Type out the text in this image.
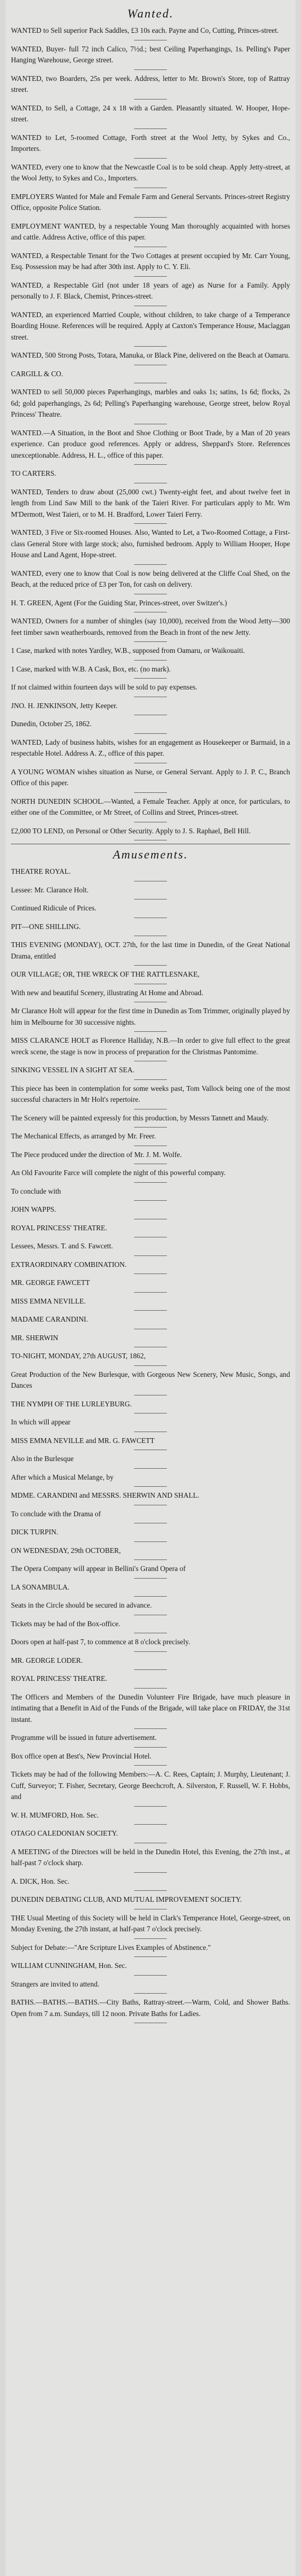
Wanted.

WANTED to Sell superior Pack Saddles, £3 10s each. Payne and Co, Cutting, Princes-street.

WANTED, Buyer- full 72 inch Calico, 7½d.; best Ceiling Paperhangings, 1s. Pelling's Paper Hanging Warehouse, George street.

WANTED, two Boarders, 25s per week. Address, letter to Mr. Brown's Store, top of Rattray street.

WANTED, to Sell, a Cottage, 24 x 18 with a Garden. Pleasantly situated. W. Hooper, Hope-street.

WANTED to Let, 5-roomed Cottage, Forth street at the Wool Jetty, by Sykes and Co., Importers.

WANTED, every one to know that the Newcastle Coal is to be sold cheap. Apply Jetty-street, at the Wool Jetty, to Sykes and Co., Importers.

EMPLOYERS Wanted for Male and Female Farm and General Servants. Princes-street Registry Office, opposite Police Station.

EMPLOYMENT WANTED, by a respectable Young Man thoroughly acquainted with horses and cattle. Address Active, office of this paper.

WANTED, a Respectable Tenant for the Two Cottages at present occupied by Mr. Carr Young, Esq. Possession may be had after 30th inst. Apply to C. Y. Eli.

WANTED, a Respectable Girl (not under 18 years of age) as Nurse for a Family. Apply personally to J. F. Black, Chemist, Princes-street.

WANTED, an experienced Married Couple, without children, to take charge of a Temperance Boarding House. References will be required. Apply at Caxton's Temperance House, Maclaggan street.

WANTED, 500 Strong Posts, Totara, Manuka, or Black Pine, delivered on the Beach at Oamaru.

CARGILL & CO.

WANTED to sell 50,000 pieces Paperhangings, marbles and oaks 1s; satins, 1s 6d; flocks, 2s 6d; gold paperhangings, 2s 6d; Pelling's Paperhanging warehouse, George street, below Royal Princess' Theatre.

WANTED.—A Situation, in the Boot and Shoe Clothing or Boot Trade, by a Man of 20 years experience. Can produce good references. Apply or address, Sheppard's Store. References unexceptionable. Address, H. L., office of this paper.

TO CARTERS.

WANTED, Tenders to draw about (25,000 cwt.) Twenty-eight feet, and about twelve feet in length from Lind Saw Mill to the bank of the Taieri River. For particulars apply to Mr. Wm M'Dermott, West Taieri, or to M. H. Bradford, Lower Taieri Ferry.

WANTED, 3 Five or Six-roomed Houses. Also, Wanted to Let, a Two-Roomed Cottage, a First-class General Store with large stock; also, furnished bedroom. Apply to William Hooper, Hope House and Land Agent, Hope-street.

WANTED, every one to know that Coal is now being delivered at the Cliffe Coal Shed, on the Beach, at the reduced price of £3 per Ton, for cash on delivery.

H. T. GREEN, Agent (For the Guiding Star, Princes-street, over Switzer's.)

WANTED, Owners for a number of shingles (say 10,000), received from the Wood Jetty—300 feet timber sawn weatherboards, removed from the Beach in front of the new Jetty.

1 Case, marked with notes Yardley, W.B., supposed from Oamaru, or Waikouaiti.

1 Case, marked with W.B. A Cask, Box, etc. (no mark).

If not claimed within fourteen days will be sold to pay expenses.

JNO. H. JENKINSON, Jetty Keeper.

Dunedin, October 25, 1862.

WANTED, Lady of business habits, wishes for an engagement as Housekeeper or Barmaid, in a respectable Hotel. Address A. Z., office of this paper.

A YOUNG WOMAN wishes situation as Nurse, or General Servant. Apply to J. P. C., Branch Office of this paper.

NORTH DUNEDIN SCHOOL.—Wanted, a Female Teacher. Apply at once, for particulars, to either one of the Committee, or Mr Street, of Collins and Street, Princes-street.

£2,000 TO LEND, on Personal or Other Security. Apply to J. S. Raphael, Bell Hill.

Amusements.

THEATRE ROYAL.

Lessee: Mr. Clarance Holt.

Continued Ridicule of Prices.

PIT—ONE SHILLING.

THIS EVENING (MONDAY), OCT. 27th, for the last time in Dunedin, of the Great National Drama, entitled

OUR VILLAGE; OR, THE WRECK OF THE RATTLESNAKE,

With new and beautiful Scenery, illustrating At Home and Abroad.

Mr Clarance Holt will appear for the first time in Dunedin as Tom Trimmer, originally played by him in Melbourne for 30 successive nights.

MISS CLARANCE HOLT as Florence Halliday, N.B.—In order to give full effect to the great wreck scene, the stage is now in process of preparation for the Christmas Pantomime.

SINKING VESSEL IN A SIGHT AT SEA.

This piece has been in contemplation for some weeks past, Tom Vallock being one of the most successful characters in Mr Holt's repertoire.

The Scenery will be painted expressly for this production, by Messrs Tannett and Maudy.

The Mechanical Effects, as arranged by Mr. Freer.

The Piece produced under the direction of Mr. J. M. Wolfe.

An Old Favourite Farce will complete the night of this powerful company.

To conclude with

JOHN WAPPS.

ROYAL PRINCESS' THEATRE.

Lessees, Messrs. T. and S. Fawcett.

EXTRAORDINARY COMBINATION.

MR. GEORGE FAWCETT

MISS EMMA NEVILLE.

MADAME CARANDINI.

MR. SHERWIN

TO-NIGHT, MONDAY, 27th AUGUST, 1862,

Great Production of the New Burlesque, with Gorgeous New Scenery, New Music, Songs, and Dances

THE NYMPH OF THE LURLEYBURG.

In which will appear

MISS EMMA NEVILLE and MR. G. FAWCETT

Also in the Burlesque

After which a Musical Melange, by

MDME. CARANDINI and MESSRS. SHERWIN AND SHALL.

To conclude with the Drama of

DICK TURPIN.

ON WEDNESDAY, 29th OCTOBER,

The Opera Company will appear in Bellini's Grand Opera of

LA SONAMBULA.

Seats in the Circle should be secured in advance.

Tickets may be had of the Box-office.

Doors open at half-past 7, to commence at 8 o'clock precisely.

MR. GEORGE LODER.

ROYAL PRINCESS' THEATRE.

The Officers and Members of the Dunedin Volunteer Fire Brigade, have much pleasure in intimating that a Benefit in Aid of the Funds of the Brigade, will take place on FRIDAY, the 31st instant.

Programme will be issued in future advertisement.

Box office open at Best's, New Provincial Hotel.

Tickets may be had of the following Members:—A. C. Rees, Captain; J. Murphy, Lieutenant; J. Cuff, Surveyor; T. Fisher, Secretary, George Beechcroft, A. Silverston, F. Russell, W. F. Hobbs, and

W. H. MUMFORD, Hon. Sec.

OTAGO CALEDONIAN SOCIETY.

A MEETING of the Directors will be held in the Dunedin Hotel, this Evening, the 27th inst., at half-past 7 o'clock sharp.

A. DICK, Hon. Sec.

DUNEDIN DEBATING CLUB, AND MUTUAL IMPROVEMENT SOCIETY.

THE Usual Meeting of this Society will be held in Clark's Temperance Hotel, George-street, on Monday Evening, the 27th instant, at half-past 7 o'clock precisely.

Subject for Debate:—"Are Scripture Lives Examples of Abstinence."

WILLIAM CUNNINGHAM, Hon. Sec.

Strangers are invited to attend.

BATHS.—BATHS.—BATHS.—City Baths, Rattray-street.—Warm, Cold, and Shower Baths. Open from 7 a.m. Sundays, till 12 noon. Private Baths for Ladies.
